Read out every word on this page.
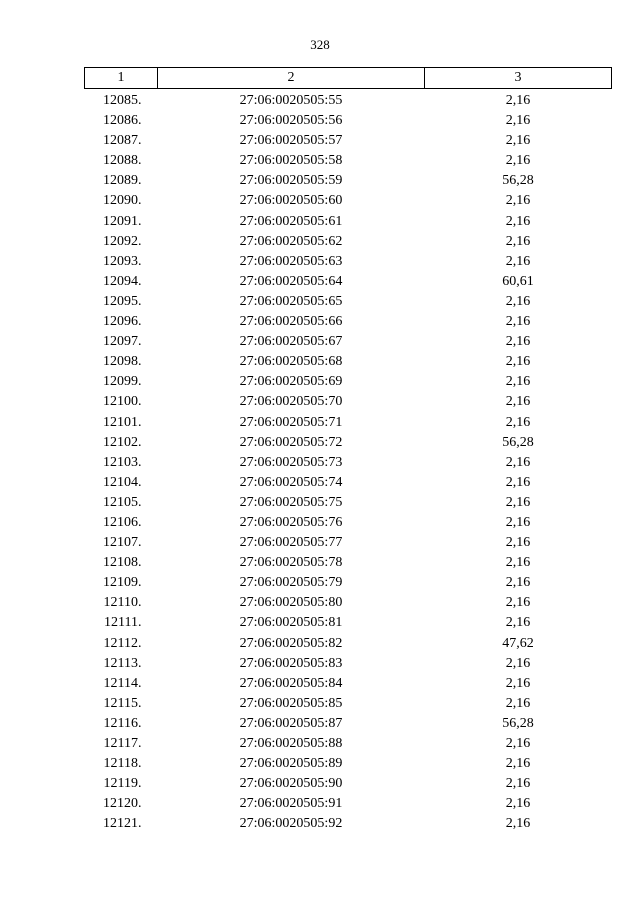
328
1	2	3

12085.	27:06:0020505:55	2,16
12086.	27:06:0020505:56	2,16
12087.	27:06:0020505:57	2,16
12088.	27:06:0020505:58	2,16
12089.	27:06:0020505:59	56,28
12090.	27:06:0020505:60	2,16
12091.	27:06:0020505:61	2,16
12092.	27:06:0020505:62	2,16
12093.	27:06:0020505:63	2,16
12094.	27:06:0020505:64	60,61
12095.	27:06:0020505:65	2,16
12096.	27:06:0020505:66	2,16
12097.	27:06:0020505:67	2,16
12098.	27:06:0020505:68	2,16
12099.	27:06:0020505:69	2,16
12100.	27:06:0020505:70	2,16
12101.	27:06:0020505:71	2,16
12102.	27:06:0020505:72	56,28
12103.	27:06:0020505:73	2,16
12104.	27:06:0020505:74	2,16
12105.	27:06:0020505:75	2,16
12106.	27:06:0020505:76	2,16
12107.	27:06:0020505:77	2,16
12108.	27:06:0020505:78	2,16
12109.	27:06:0020505:79	2,16
12110.	27:06:0020505:80	2,16
12111.	27:06:0020505:81	2,16
12112.	27:06:0020505:82	47,62
12113.	27:06:0020505:83	2,16
12114.	27:06:0020505:84	2,16
12115.	27:06:0020505:85	2,16
12116.	27:06:0020505:87	56,28
12117.	27:06:0020505:88	2,16
12118.	27:06:0020505:89	2,16
12119.	27:06:0020505:90	2,16
12120.	27:06:0020505:91	2,16
12121.	27:06:0020505:92	2,16
